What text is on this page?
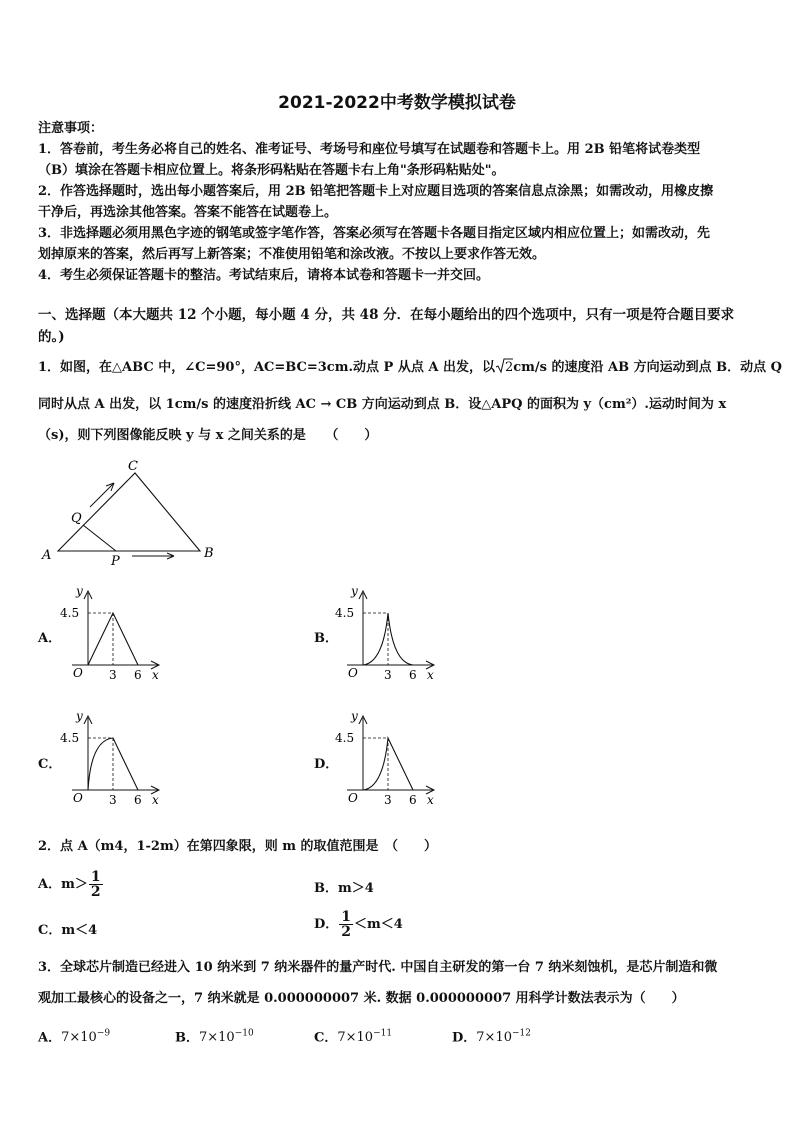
2021-2022中考数学模拟试卷
注意事项：
1．答卷前，考生务必将自己的姓名、准考证号、考场号和座位号填写在试题卷和答题卡上。用 2B 铅笔将试卷类型
（B）填涂在答题卡相应位置上。将条形码粘贴在答题卡右上角"条形码粘贴处"。
2．作答选择题时，选出每小题答案后，用 2B 铅笔把答题卡上对应题目选项的答案信息点涂黑；如需改动，用橡皮擦
干净后，再选涂其他答案。答案不能答在试题卷上。
3．非选择题必须用黑色字迹的钢笔或签字笔作答，答案必须写在答题卡各题目指定区域内相应位置上；如需改动，先
划掉原来的答案，然后再写上新答案；不准使用铅笔和涂改液。不按以上要求作答无效。
4．考生必须保证答题卡的整洁。考试结束后，请将本试卷和答题卡一并交回。
一、选择题（本大题共 12 个小题，每小题 4 分，共 48 分．在每小题给出的四个选项中，只有一项是符合题目要求
的。)
1．如图，在△ABC 中，∠C=90°，AC=BC=3cm.动点 P 从点 A 出发，以 2cm/s 的速度沿 AB 方向运动到点 B．动点 Q
同时从点 A 出发，以 1cm/s 的速度沿折线 AC → CB 方向运动到点 B．设△APQ 的面积为 y（cm²）.运动时间为 x
（s)，则下列图像能反映 y 与 x 之间关系的是　　（　　）
A	B
C
P
Q
A．	B．
C．	D．
y
4.5
O 3 6 x
y
4.5
O 3 6 x
y
4.5
O 3 6 x
y
4.5
O 3 6 x
2．点 A（m4，1-2m）在第四象限，则 m 的取值范围是　（　　）
A．$m> \frac{1}{2}$	B．m＞4
C．m＜4	D． $\frac{1}{2} <m<4$
3．全球芯片制造已经进入 10 纳米到 7 纳米器件的量产时代. 中国自主研发的第一台 7 纳米刻蚀机，是芯片制造和微
观加工最核心的设备之一，7 纳米就是 0.000000007 米. 数据 0.000000007 用科学计数法表示为（　　）
A．$7\times 10^{-9}$	B．$7\times 10^{-10}$	C．$7\times 10^{-11}$	D．$7\times 10^{-12}$
